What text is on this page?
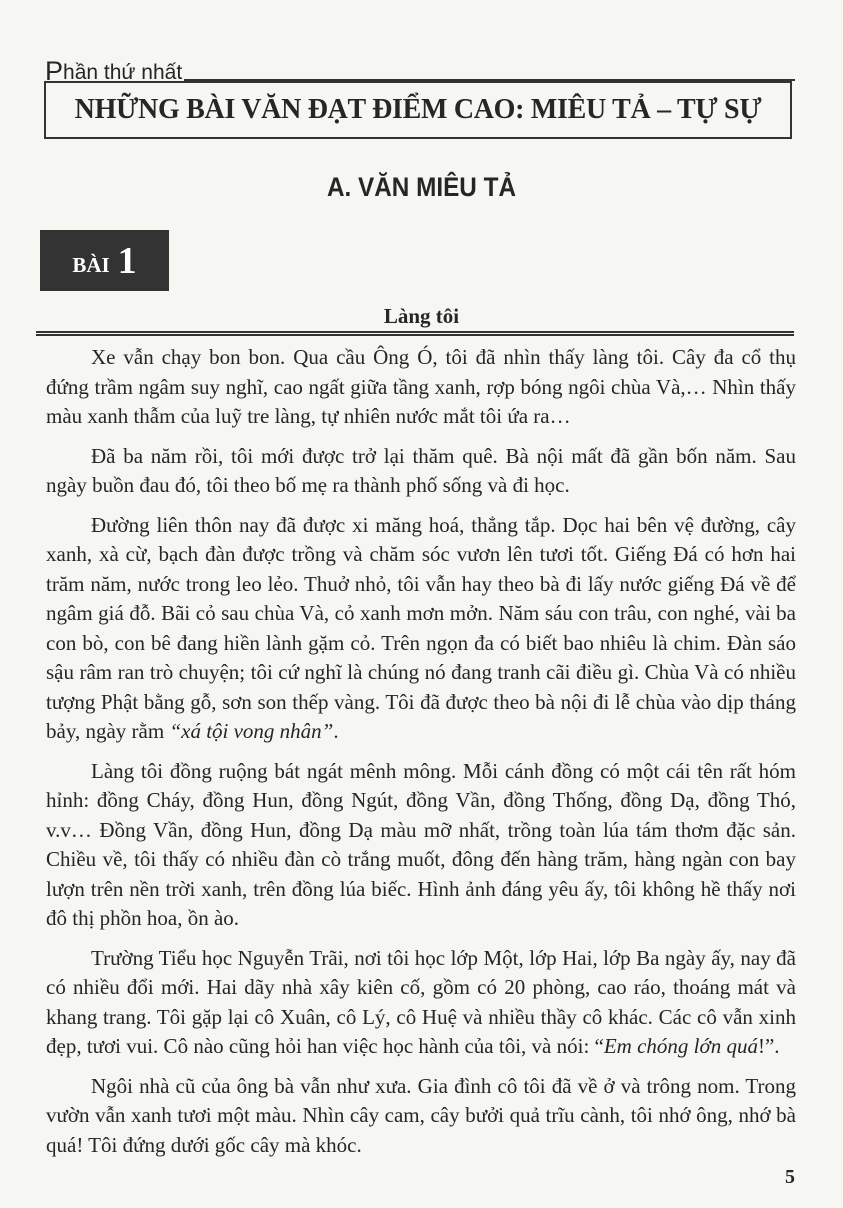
P hần thứ nhất
NHỮNG BÀI VĂN ĐẠT ĐIỂM CAO: MIÊU TẢ – TỰ SỰ
A. VĂN MIÊU TẢ
BÀI 1
Làng tôi

Xe vẫn chạy bon bon. Qua cầu Ông Ó, tôi đã nhìn thấy làng tôi. Cây đa cổ thụ đứng trầm ngâm suy nghĩ, cao ngất giữa tầng xanh, rợp bóng ngôi chùa Và,… Nhìn thấy màu xanh thẫm của luỹ tre làng, tự nhiên nước mắt tôi ứa ra…

Đã ba năm rồi, tôi mới được trở lại thăm quê. Bà nội mất đã gần bốn năm. Sau ngày buồn đau đó, tôi theo bố mẹ ra thành phố sống và đi học.

Đường liên thôn nay đã được xi măng hoá, thẳng tắp. Dọc hai bên vệ đường, cây xanh, xà cừ, bạch đàn được trồng và chăm sóc vươn lên tươi tốt. Giếng Đá có hơn hai trăm năm, nước trong leo lẻo. Thuở nhỏ, tôi vẫn hay theo bà đi lấy nước giếng Đá về để ngâm giá đỗ. Bãi cỏ sau chùa Và, cỏ xanh mơn mởn. Năm sáu con trâu, con nghé, vài ba con bò, con bê đang hiền lành gặm cỏ. Trên ngọn đa có biết bao nhiêu là chim. Đàn sáo sậu râm ran trò chuyện; tôi cứ nghĩ là chúng nó đang tranh cãi điều gì. Chùa Và có nhiều tượng Phật bằng gỗ, sơn son thếp vàng. Tôi đã được theo bà nội đi lễ chùa vào dịp tháng bảy, ngày rằm “xá tội vong nhân”.

Làng tôi đồng ruộng bát ngát mênh mông. Mỗi cánh đồng có một cái tên rất hóm hỉnh: đồng Cháy, đồng Hun, đồng Ngút, đồng Vần, đồng Thống, đồng Dạ, đồng Thó, v.v… Đồng Vần, đồng Hun, đồng Dạ màu mỡ nhất, trồng toàn lúa tám thơm đặc sản. Chiều về, tôi thấy có nhiều đàn cò trắng muốt, đông đến hàng trăm, hàng ngàn con bay lượn trên nền trời xanh, trên đồng lúa biếc. Hình ảnh đáng yêu ấy, tôi không hề thấy nơi đô thị phồn hoa, ồn ào.

Trường Tiểu học Nguyễn Trãi, nơi tôi học lớp Một, lớp Hai, lớp Ba ngày ấy, nay đã có nhiều đổi mới. Hai dãy nhà xây kiên cố, gồm có 20 phòng, cao ráo, thoáng mát và khang trang. Tôi gặp lại cô Xuân, cô Lý, cô Huệ và nhiều thầy cô khác. Các cô vẫn xinh đẹp, tươi vui. Cô nào cũng hỏi han việc học hành của tôi, và nói: “Em chóng lớn quá!”.

Ngôi nhà cũ của ông bà vẫn như xưa. Gia đình cô tôi đã về ở và trông nom. Trong vườn vẫn xanh tươi một màu. Nhìn cây cam, cây bưởi quả trĩu cành, tôi nhớ ông, nhớ bà quá! Tôi đứng dưới gốc cây mà khóc.

5
